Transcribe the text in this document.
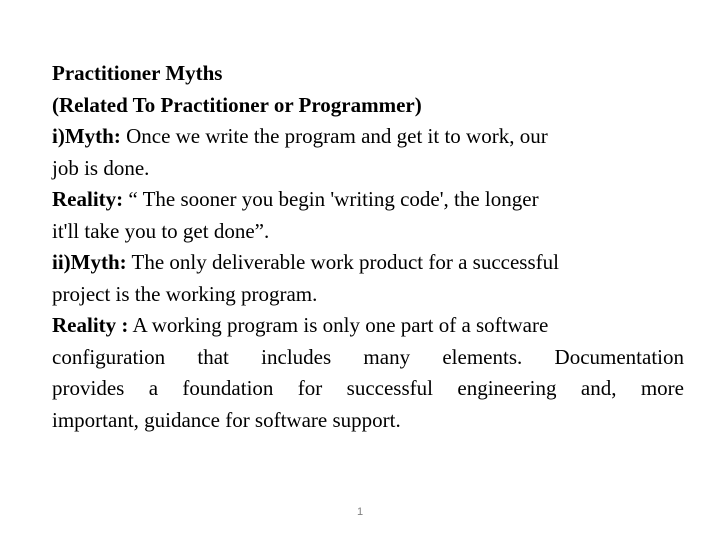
Practitioner Myths
(Related To Practitioner or Programmer)
i)Myth: Once we write the program and get it to work, our
job is done.
Reality: “ The sooner you begin 'writing code', the longer
it'll take you to get done”.
ii)Myth: The only deliverable work product for a successful
project is the working program.
Reality : A working program is only one part of a software
configuration that includes many elements. Documentation
provides a foundation for successful engineering and, more
important, guidance for software support.
1
